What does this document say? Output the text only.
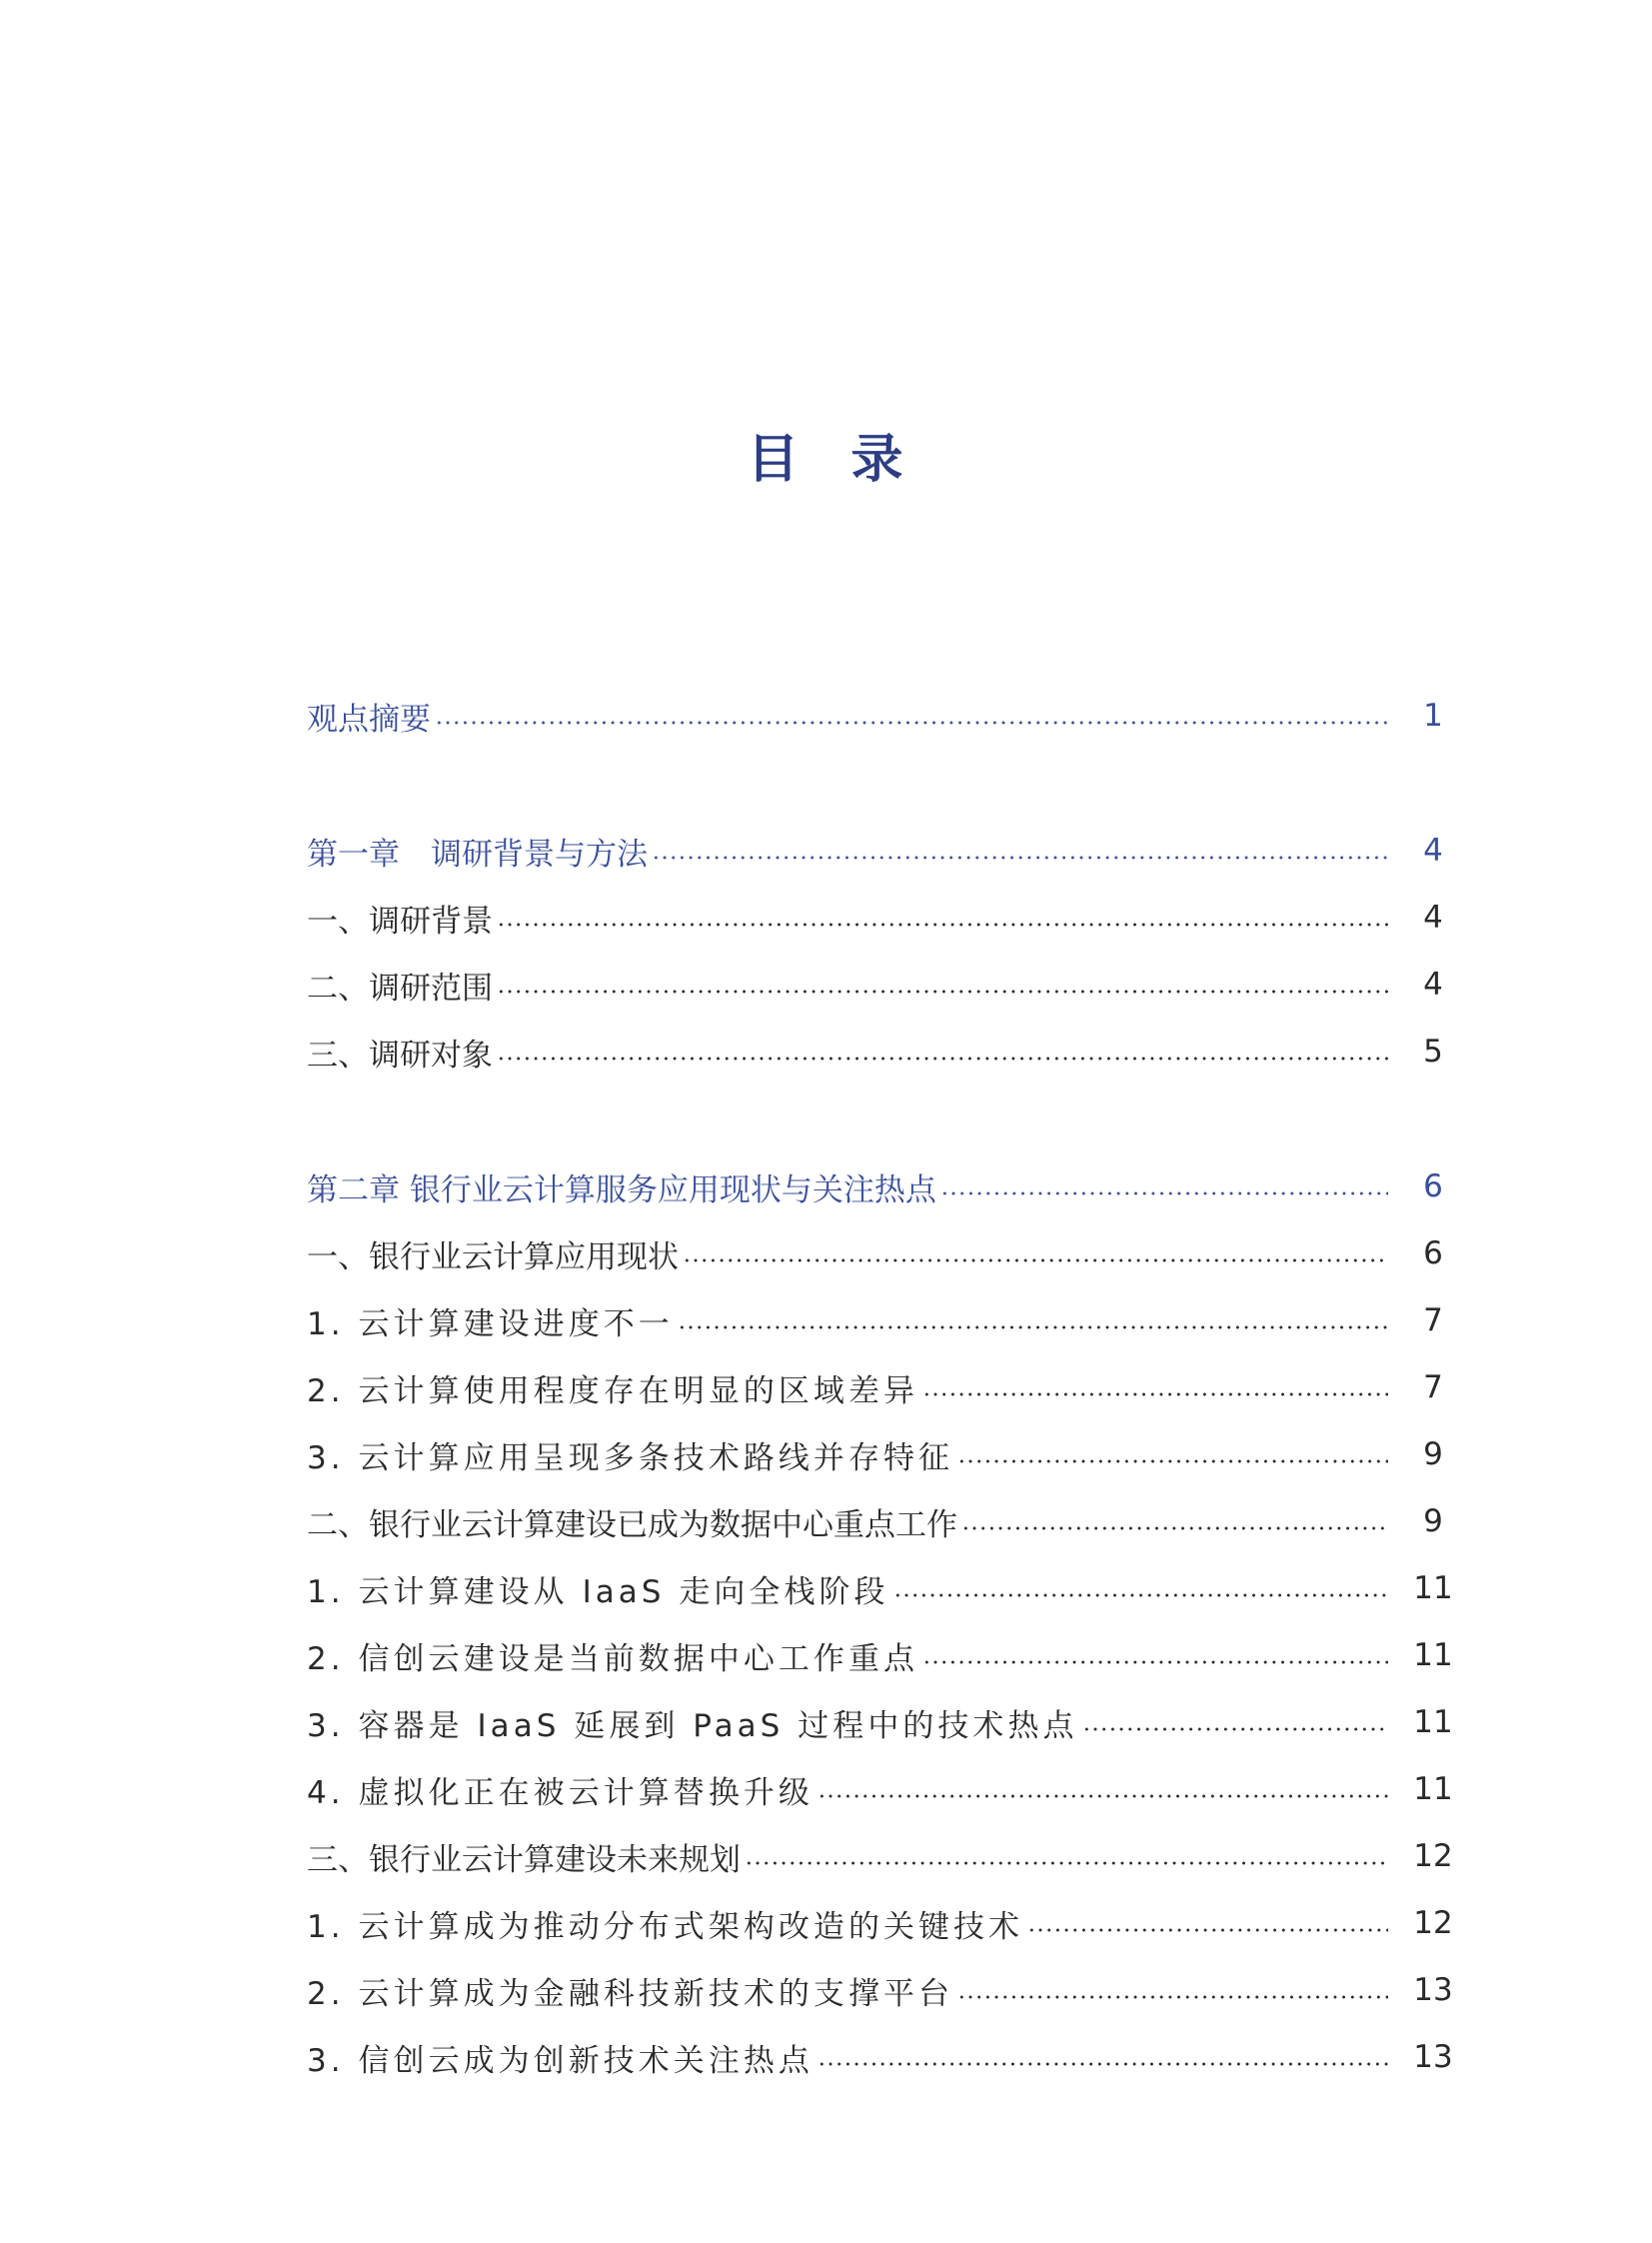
目 录
观点摘要	1
第一章　调研背景与方法	4
一、调研背景	4
二、调研范围	4
三、调研对象	5
第二章 银行业云计算服务应用现状与关注热点	6
一、银行业云计算应用现状	6
1. 云计算建设进度不一	7
2. 云计算使用程度存在明显的区域差异	7
3. 云计算应用呈现多条技术路线并存特征	9
二、银行业云计算建设已成为数据中心重点工作	9
1. 云计算建设从 IaaS 走向全栈阶段	11
2. 信创云建设是当前数据中心工作重点	11
3. 容器是 IaaS 延展到 PaaS 过程中的技术热点	11
4. 虚拟化正在被云计算替换升级	11
三、银行业云计算建设未来规划	12
1. 云计算成为推动分布式架构改造的关键技术	12
2. 云计算成为金融科技新技术的支撑平台	13
3. 信创云成为创新技术关注热点	13
